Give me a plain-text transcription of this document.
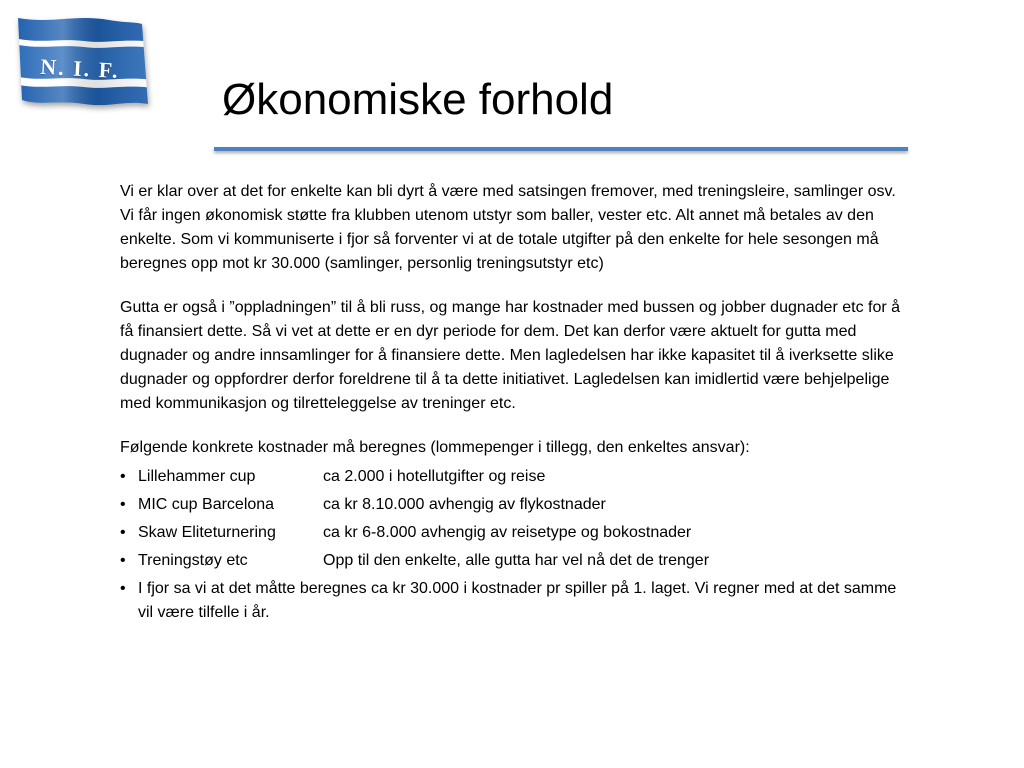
N. I. F.
Økonomiske forhold

Vi er klar over at det for enkelte kan bli dyrt å være med satsingen fremover, med treningsleire, samlinger osv. Vi får ingen økonomisk støtte fra klubben utenom utstyr som baller, vester etc. Alt annet må betales av den enkelte. Som vi kommuniserte i fjor så forventer vi at de totale utgifter på den enkelte for hele sesongen må beregnes opp mot kr 30.000 (samlinger, personlig treningsutstyr etc)

Gutta er også i ”oppladningen” til å bli russ, og mange har kostnader med bussen og jobber dugnader etc for å få finansiert dette. Så vi vet at dette er en dyr periode for dem. Det kan derfor være aktuelt for gutta med dugnader og andre innsamlinger for å finansiere dette. Men lagledelsen har ikke kapasitet til å iverksette slike dugnader og oppfordrer derfor foreldrene til å ta dette initiativet. Lagledelsen kan imidlertid være behjelpelige med kommunikasjon og tilretteleggelse av treninger etc.

Følgende konkrete kostnader må beregnes (lommepenger i tillegg, den enkeltes ansvar):

• Lillehammer cup	ca 2.000 i hotellutgifter og reise
• MIC cup Barcelona	ca kr 8.10.000 avhengig av flykostnader
• Skaw Eliteturnering	ca kr 6-8.000 avhengig av reisetype og bokostnader
• Treningstøy etc	Opp til den enkelte, alle gutta har vel nå det de trenger
• I fjor sa vi at det måtte beregnes ca kr 30.000 i kostnader pr spiller på 1. laget. Vi regner med at det samme vil være tilfelle i år.
